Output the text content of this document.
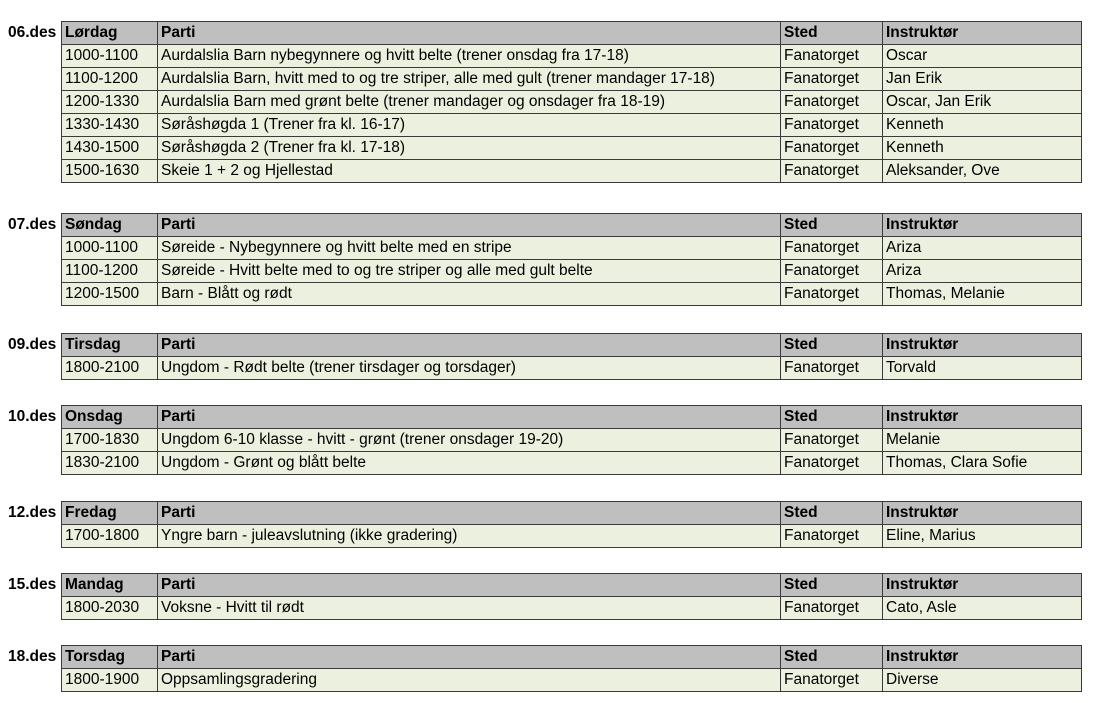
06.des Lørdag	Parti	Sted	Instruktør
1000-1100	Aurdalslia Barn nybegynnere og hvitt belte (trener onsdag fra 17-18)	Fanatorget	Oscar
1100-1200	Aurdalslia Barn, hvitt med to og tre striper, alle med gult (trener mandager 17-18)	Fanatorget	Jan Erik
1200-1330	Aurdalslia Barn med grønt belte (trener mandager og onsdager fra 18-19)	Fanatorget	Oscar, Jan Erik
1330-1430	Søråshøgda 1 (Trener fra kl. 16-17)	Fanatorget	Kenneth
1430-1500	Søråshøgda 2 (Trener fra kl. 17-18)	Fanatorget	Kenneth
1500-1630	Skeie 1 + 2 og Hjellestad	Fanatorget	Aleksander, Ove
07.des Søndag	Parti	Sted	Instruktør
1000-1100	Søreide - Nybegynnere og hvitt belte med en stripe	Fanatorget	Ariza
1100-1200	Søreide - Hvitt belte med to og tre striper og alle med gult belte	Fanatorget	Ariza
1200-1500	Barn - Blått og rødt	Fanatorget	Thomas, Melanie
09.des Tirsdag	Parti	Sted	Instruktør
1800-2100	Ungdom - Rødt belte (trener tirsdager og torsdager)	Fanatorget	Torvald
10.des Onsdag	Parti	Sted	Instruktør
1700-1830	Ungdom 6-10 klasse - hvitt - grønt (trener onsdager 19-20)	Fanatorget	Melanie
1830-2100	Ungdom - Grønt og blått belte	Fanatorget	Thomas, Clara Sofie
12.des Fredag	Parti	Sted	Instruktør
1700-1800	Yngre barn - juleavslutning (ikke gradering)	Fanatorget	Eline, Marius
15.des Mandag	Parti	Sted	Instruktør
1800-2030	Voksne - Hvitt til rødt	Fanatorget	Cato, Asle
18.des Torsdag	Parti	Sted	Instruktør
1800-1900	Oppsamlingsgradering	Fanatorget	Diverse
